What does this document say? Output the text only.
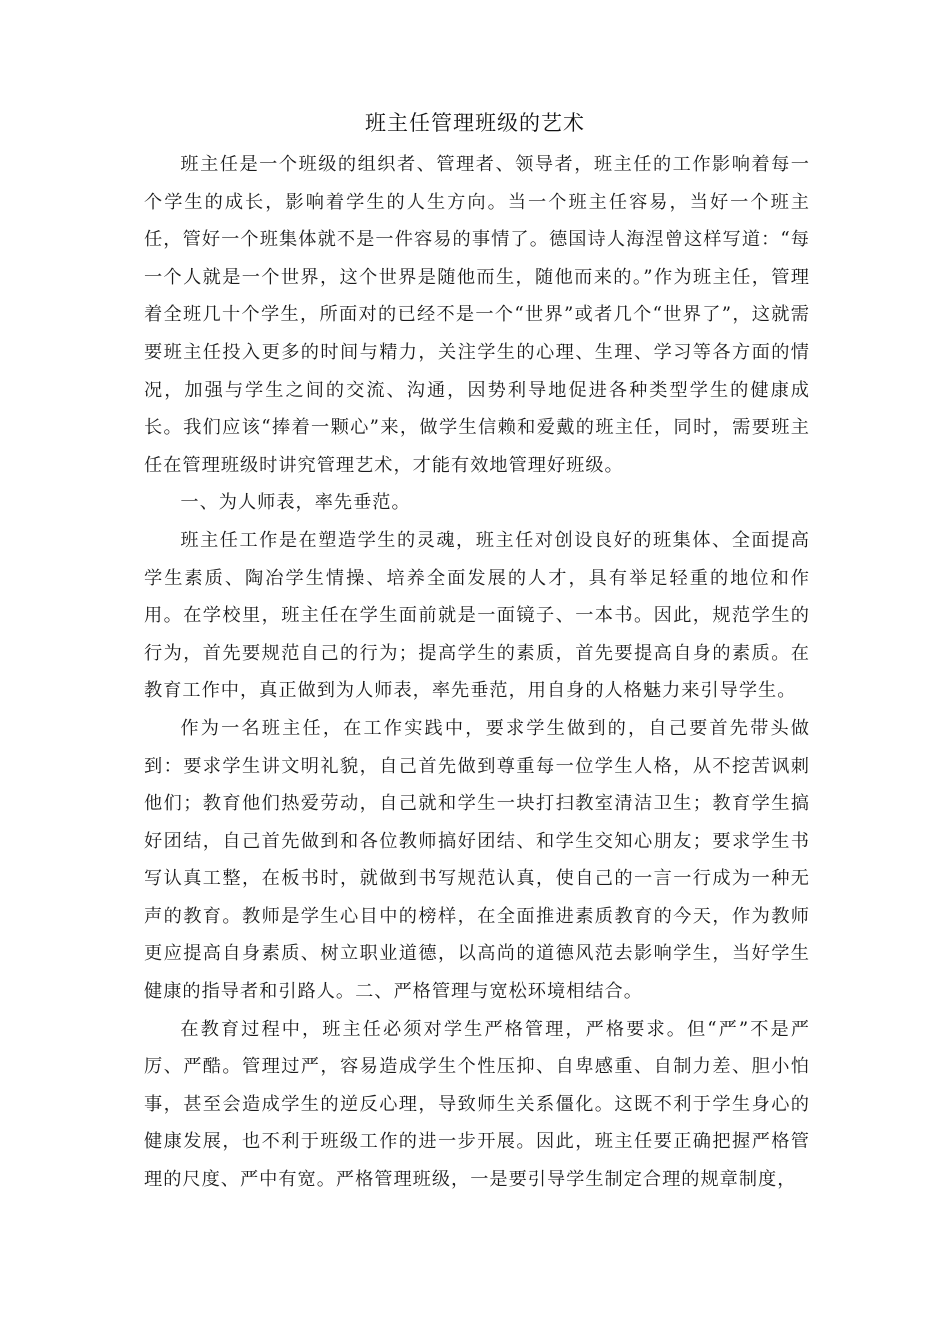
班主任管理班级的艺术

班主任是一个班级的组织者、管理者、领导者，班主任的工作影响着每一个学生的成长，影响着学生的人生方向。当一个班主任容易，当好一个班主任，管好一个班集体就不是一件容易的事情了。德国诗人海涅曾这样写道：“每一个人就是一个世界，这个世界是随他而生，随他而来的。”作为班主任，管理着全班几十个学生，所面对的已经不是一个“世界”或者几个“世界了”，这就需要班主任投入更多的时间与精力，关注学生的心理、生理、学习等各方面的情况，加强与学生之间的交流、沟通，因势利导地促进各种类型学生的健康成长。我们应该“捧着一颗心”来，做学生信赖和爱戴的班主任，同时，需要班主任在管理班级时讲究管理艺术，才能有效地管理好班级。

一、为人师表，率先垂范。

班主任工作是在塑造学生的灵魂，班主任对创设良好的班集体、全面提高学生素质、陶冶学生情操、培养全面发展的人才，具有举足轻重的地位和作用。在学校里，班主任在学生面前就是一面镜子、一本书。因此，规范学生的行为，首先要规范自己的行为；提高学生的素质，首先要提高自身的素质。在教育工作中，真正做到为人师表，率先垂范，用自身的人格魅力来引导学生。

作为一名班主任，在工作实践中，要求学生做到的，自己要首先带头做到：要求学生讲文明礼貌，自己首先做到尊重每一位学生人格，从不挖苦讽刺他们；教育他们热爱劳动，自己就和学生一块打扫教室清洁卫生；教育学生搞好团结，自己首先做到和各位教师搞好团结、和学生交知心朋友；要求学生书写认真工整，在板书时，就做到书写规范认真，使自己的一言一行成为一种无声的教育。教师是学生心目中的榜样，在全面推进素质教育的今天，作为教师更应提高自身素质、树立职业道德，以高尚的道德风范去影响学生，当好学生健康的指导者和引路人。二、严格管理与宽松环境相结合。

在教育过程中，班主任必须对学生严格管理，严格要求。但“严”不是严厉、严酷。管理过严，容易造成学生个性压抑、自卑感重、自制力差、胆小怕事，甚至会造成学生的逆反心理，导致师生关系僵化。这既不利于学生身心的健康发展，也不利于班级工作的进一步开展。因此，班主任要正确把握严格管理的尺度、严中有宽。严格管理班级，一是要引导学生制定合理的规章制度，
